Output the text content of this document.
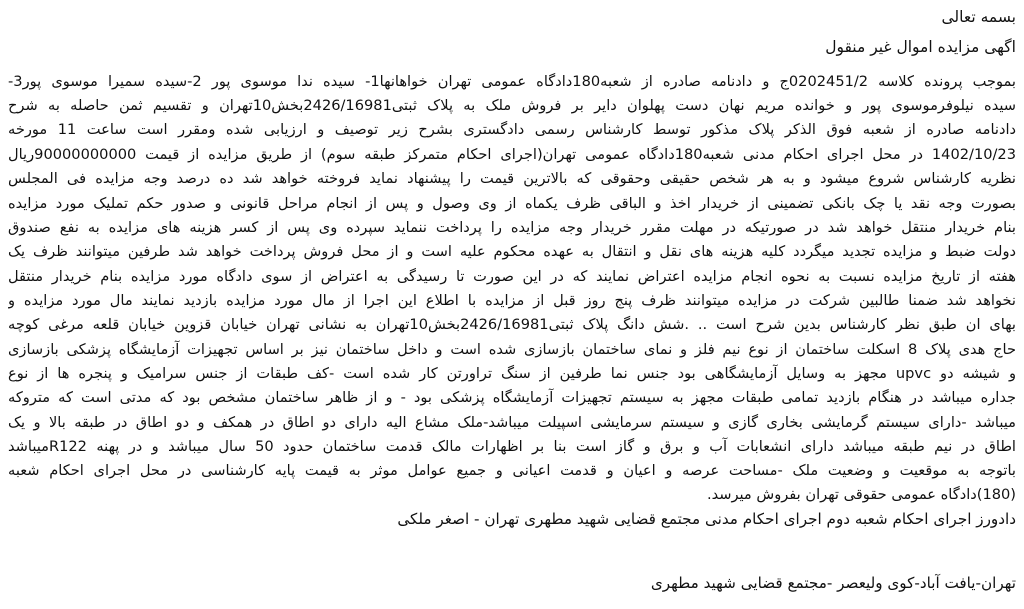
بسمه تعالی
اگهی مزایده اموال غیر منقول
بموجب پرونده کلاسه 0202451/2ج و دادنامه صادره از شعبه180دادگاه عمومی تهران خواهانها1- سیده ندا موسوی پور 2-سیده سمیرا موسوی پور3-
سیده نیلوفرموسوی پور و خوانده مریم نهان دست پهلوان دایر بر فروش ملک به پلاک ثبتی2426/16981بخش10تهران و تقسیم ثمن حاصله به شرح
دادنامه صادره از شعبه فوق الذکر پلاک مذکور توسط کارشناس رسمی دادگستری بشرح زیر توصیف و ارزیابی شده ومقرر است ساعت 11 مورخه
1402/10/23 در محل اجرای احکام مدنی شعبه180دادگاه عمومی تهران(اجرای احکام متمرکز طبقه سوم) از طریق مزایده از قیمت 90000000000ریال
نظریه کارشناس شروع میشود و به هر شخص حقیقی وحقوقی که بالاترین قیمت را پیشنهاد نماید فروخته خواهد شد ده درصد وجه مزایده فی المجلس
بصورت وجه نقد یا چک بانکی تضمینی از خریدار اخذ و الباقی ظرف یکماه از وی وصول و پس از انجام مراحل قانونی و صدور حکم تملیک مورد مزایده
بنام خریدار منتقل خواهد شد در صورتیکه در مهلت مقرر خریدار وجه مزایده را پرداخت ننماید سپرده وی پس از کسر هزینه های مزایده به نفع صندوق
دولت ضبط و مزایده تجدید میگردد کلیه هزینه های نقل و انتقال به عهده محکوم علیه است و از محل فروش پرداخت خواهد شد طرفین میتوانند ظرف یک
هفته از تاریخ مزایده نسبت به نحوه انجام مزایده اعتراض نمایند که در این صورت تا رسیدگی به اعتراض از سوی دادگاه مورد مزایده بنام خریدار منتقل
نخواهد شد ضمنا طالبین شرکت در مزایده میتوانند ظرف پنج روز قبل از مزایده با اطلاع این اجرا از مال مورد مزایده بازدید نمایند مال مورد مزایده و
بهای ان طبق نظر کارشناس بدین شرح است .. .شش دانگ پلاک ثبتی2426/16981بخش10تهران به نشانی تهران خیابان قزوین خیابان قلعه مرغی کوچه
حاج هدی پلاک 8 اسکلت ساختمان از نوع نیم فلز و نمای ساختمان بازسازی شده است و داخل ساختمان نیز بر اساس تجهیزات آزمایشگاه پزشکی بازسازی
و شیشه دو upvc مجهز به وسایل آزمایشگاهی بود جنس نما طرفین از سنگ تراورتن کار شده است -کف طبقات از جنس سرامیک و پنجره ها از نوع
جداره میباشد در هنگام بازدید تمامی طبقات مجهز به سیستم تجهیزات آزمایشگاه پزشکی بود - و از ظاهر ساختمان مشخص بود که مدتی است که متروکه
میباشد -دارای سیستم گرمایشی بخاری گازی و سیستم سرمایشی اسپیلت میباشد-ملک مشاع الیه دارای دو اطاق در همکف و دو اطاق در طبقه بالا و یک
اطاق در نیم طبقه میباشد دارای انشعابات آب و برق و گاز است بنا بر اظهارات مالک قدمت ساختمان حدود 50 سال میباشد و در پهنه R122میباشد
باتوجه به موقعیت و وضعیت ملک -مساحت عرصه و اعیان و قدمت اعیانی و جمیع عوامل موثر به قیمت پایه کارشناسی در محل اجرای احکام شعبه
(180)دادگاه عمومی حقوقی تهران بفروش میرسد.
دادورز اجرای احکام شعبه دوم اجرای احکام مدنی مجتمع قضایی شهید مطهری تهران - اصغر ملکی
تهران-یافت آباد-کوی ولیعصر -مجتمع قضایی شهید مطهری
